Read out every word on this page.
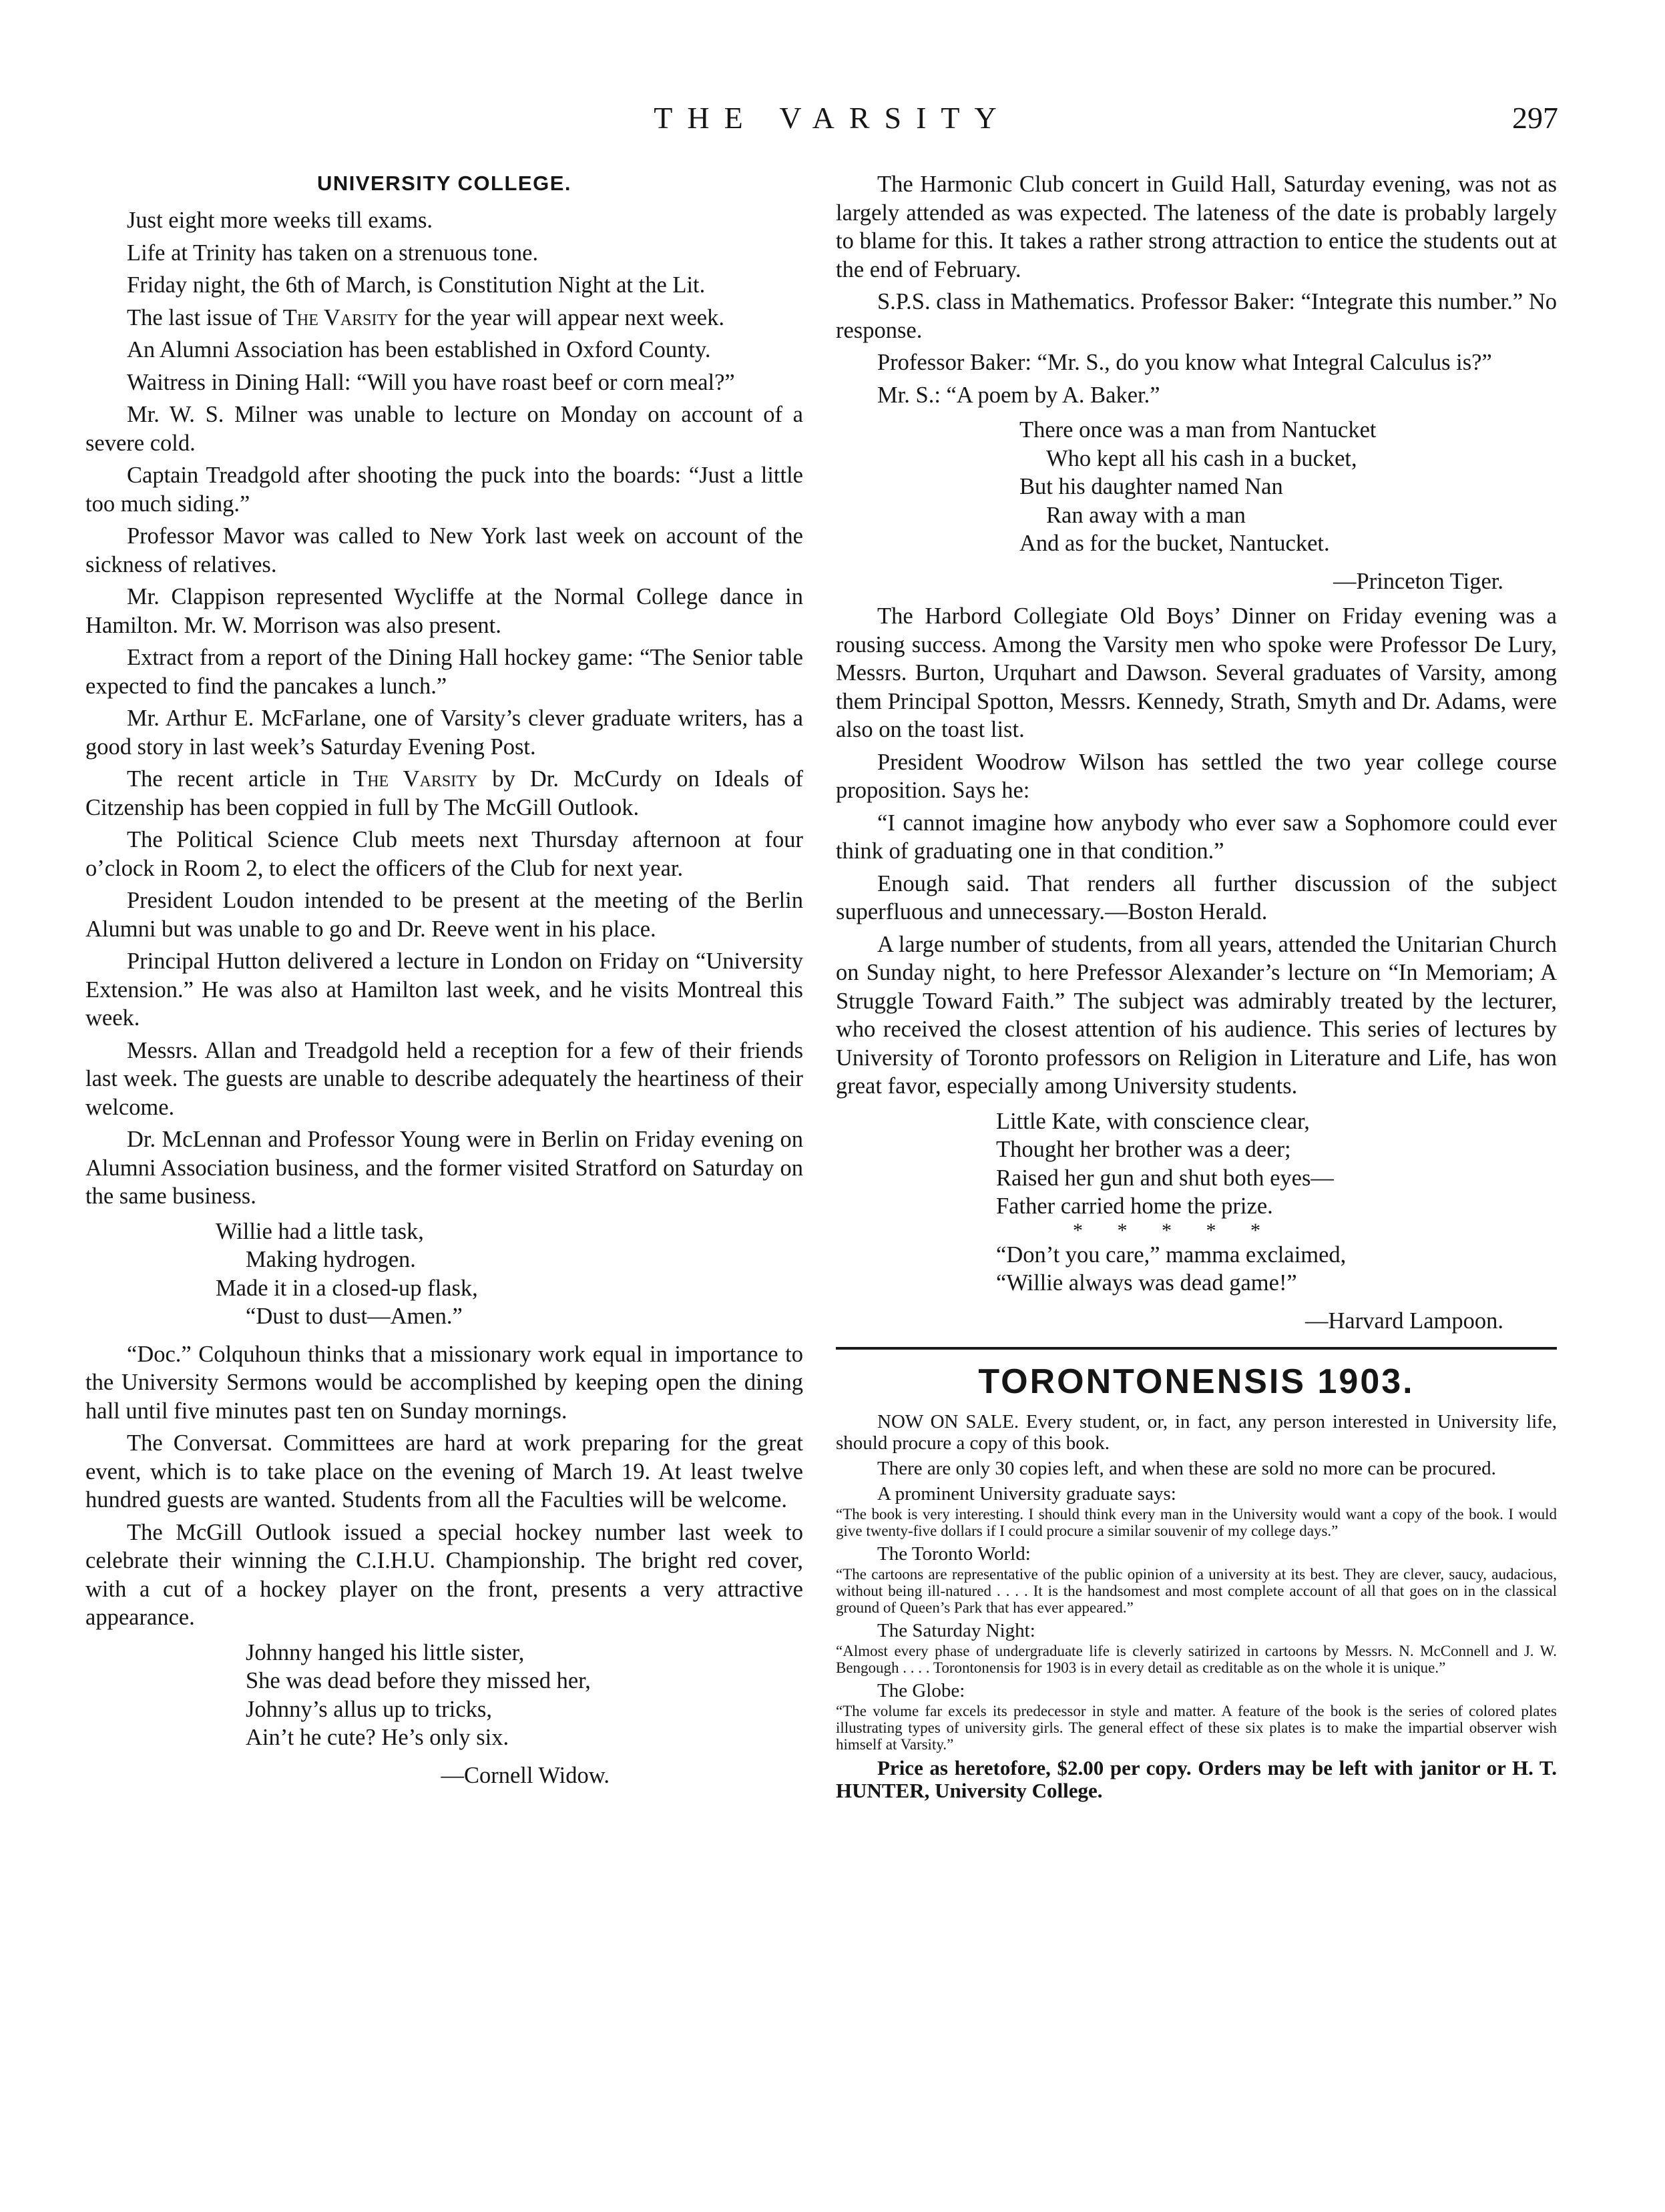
THE VARSITY	297
UNIVERSITY COLLEGE.

Just eight more weeks till exams.

Life at Trinity has taken on a strenuous tone.

Friday night, the 6th of March, is Constitution Night at the Lit.

The last issue of The Varsity for the year will appear next week.

An Alumni Association has been established in Oxford County.

Waitress in Dining Hall: “Will you have roast beef or corn meal?”

Mr. W. S. Milner was unable to lecture on Monday on account of a severe cold.

Captain Treadgold after shooting the puck into the boards: “Just a little too much siding.”

Professor Mavor was called to New York last week on account of the sickness of relatives.

Mr. Clappison represented Wycliffe at the Normal College dance in Hamilton. Mr. W. Morrison was also present.

Extract from a report of the Dining Hall hockey game: “The Senior table expected to find the pancakes a lunch.”

Mr. Arthur E. McFarlane, one of Varsity’s clever graduate writers, has a good story in last week’s Saturday Evening Post.

The recent article in The Varsity by Dr. McCurdy on Ideals of Citzenship has been coppied in full by The McGill Outlook.

The Political Science Club meets next Thursday afternoon at four o’clock in Room 2, to elect the officers of the Club for next year.

President Loudon intended to be present at the meeting of the Berlin Alumni but was unable to go and Dr. Reeve went in his place.

Principal Hutton delivered a lecture in London on Friday on “University Extension.” He was also at Hamilton last week, and he visits Montreal this week.

Messrs. Allan and Treadgold held a reception for a few of their friends last week. The guests are unable to describe adequately the heartiness of their welcome.

Dr. McLennan and Professor Young were in Berlin on Friday evening on Alumni Association business, and the former visited Stratford on Saturday on the same business.

Willie had a little task,
Making hydrogen.
Made it in a closed-up flask,
“Dust to dust—Amen.”

“Doc.” Colquhoun thinks that a missionary work equal in importance to the University Sermons would be accomplished by keeping open the dining hall until five minutes past ten on Sunday mornings.

The Conversat. Committees are hard at work preparing for the great event, which is to take place on the evening of March 19. At least twelve hundred guests are wanted. Students from all the Faculties will be welcome.

The McGill Outlook issued a special hockey number last week to celebrate their winning the C.I.H.U. Championship. The bright red cover, with a cut of a hockey player on the front, presents a very attractive appearance.

Johnny hanged his little sister,
She was dead before they missed her,
Johnny’s allus up to tricks,
Ain’t he cute? He’s only six.
—Cornell Widow.

The Harmonic Club concert in Guild Hall, Saturday evening, was not as largely attended as was expected. The lateness of the date is probably largely to blame for this. It takes a rather strong attraction to entice the students out at the end of February.

S.P.S. class in Mathematics. Professor Baker: “Integrate this number.” No response.

Professor Baker: “Mr. S., do you know what Integral Calculus is?”

Mr. S.: “A poem by A. Baker.”

There once was a man from Nantucket
Who kept all his cash in a bucket,
But his daughter named Nan
Ran away with a man
And as for the bucket, Nantucket.
—Princeton Tiger.

The Harbord Collegiate Old Boys’ Dinner on Friday evening was a rousing success. Among the Varsity men who spoke were Professor De Lury, Messrs. Burton, Urquhart and Dawson. Several graduates of Varsity, among them Principal Spotton, Messrs. Kennedy, Strath, Smyth and Dr. Adams, were also on the toast list.

President Woodrow Wilson has settled the two year college course proposition. Says he:

“I cannot imagine how anybody who ever saw a Sophomore could ever think of graduating one in that condition.”

Enough said. That renders all further discussion of the subject superfluous and unnecessary.—Boston Herald.

A large number of students, from all years, attended the Unitarian Church on Sunday night, to here Prefessor Alexander’s lecture on “In Memoriam; A Struggle Toward Faith.” The subject was admirably treated by the lecturer, who received the closest attention of his audience. This series of lectures by University of Toronto professors on Religion in Literature and Life, has won great favor, especially among University students.

Little Kate, with conscience clear,
Thought her brother was a deer;
Raised her gun and shut both eyes—
Father carried home the prize.
* * * * *
“Don’t you care,” mamma exclaimed,
“Willie always was dead game!”
—Harvard Lampoon.
TORONTONENSIS 1903.

NOW ON SALE. Every student, or, in fact, any person interested in University life, should procure a copy of this book.

There are only 30 copies left, and when these are sold no more can be procured.

A prominent University graduate says:

“The book is very interesting. I should think every man in the University would want a copy of the book. I would give twenty-five dollars if I could procure a similar souvenir of my college days.”

The Toronto World:

“The cartoons are representative of the public opinion of a university at its best. They are clever, saucy, audacious, without being ill-natured . . . . It is the handsomest and most complete account of all that goes on in the classical ground of Queen’s Park that has ever appeared.”

The Saturday Night:

“Almost every phase of undergraduate life is cleverly satirized in cartoons by Messrs. N. McConnell and J. W. Bengough . . . . Torontonensis for 1903 is in every detail as creditable as on the whole it is unique.”

The Globe:

“The volume far excels its predecessor in style and matter. A feature of the book is the series of colored plates illustrating types of university girls. The general effect of these six plates is to make the impartial observer wish himself at Varsity.”

Price as heretofore, $2.00 per copy. Orders may be left with janitor or H. T. HUNTER, University College.
